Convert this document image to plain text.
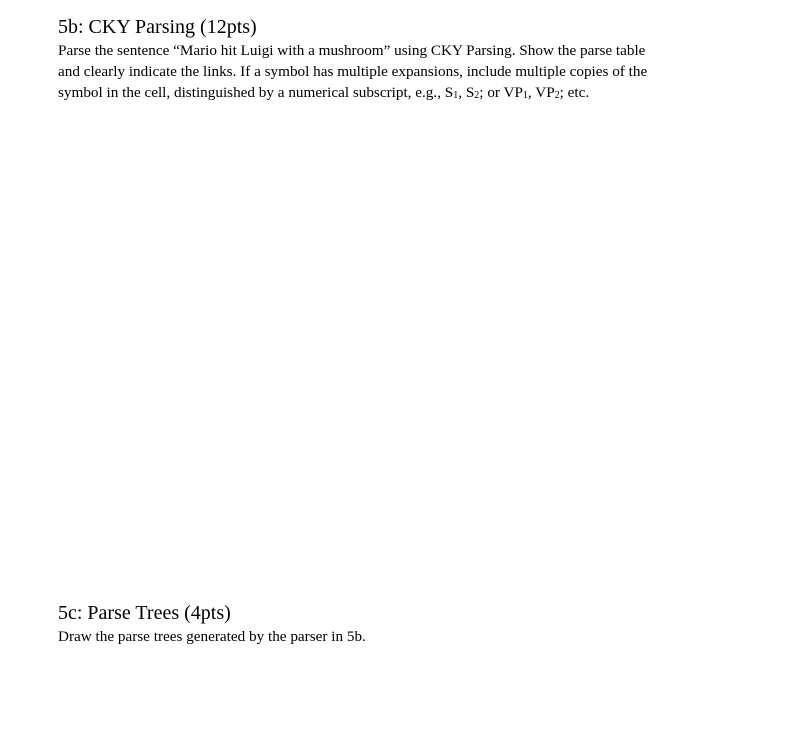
5b: CKY Parsing (12pts)

Parse the sentence “Mario hit Luigi with a mushroom” using CKY Parsing. Show the parse table
and clearly indicate the links. If a symbol has multiple expansions, include multiple copies of the
symbol in the cell, distinguished by a numerical subscript, e.g., $S_1$, $S_2$; or $VP_1$, $VP_2$; etc.

5c: Parse Trees (4pts)

Draw the parse trees generated by the parser in 5b.
